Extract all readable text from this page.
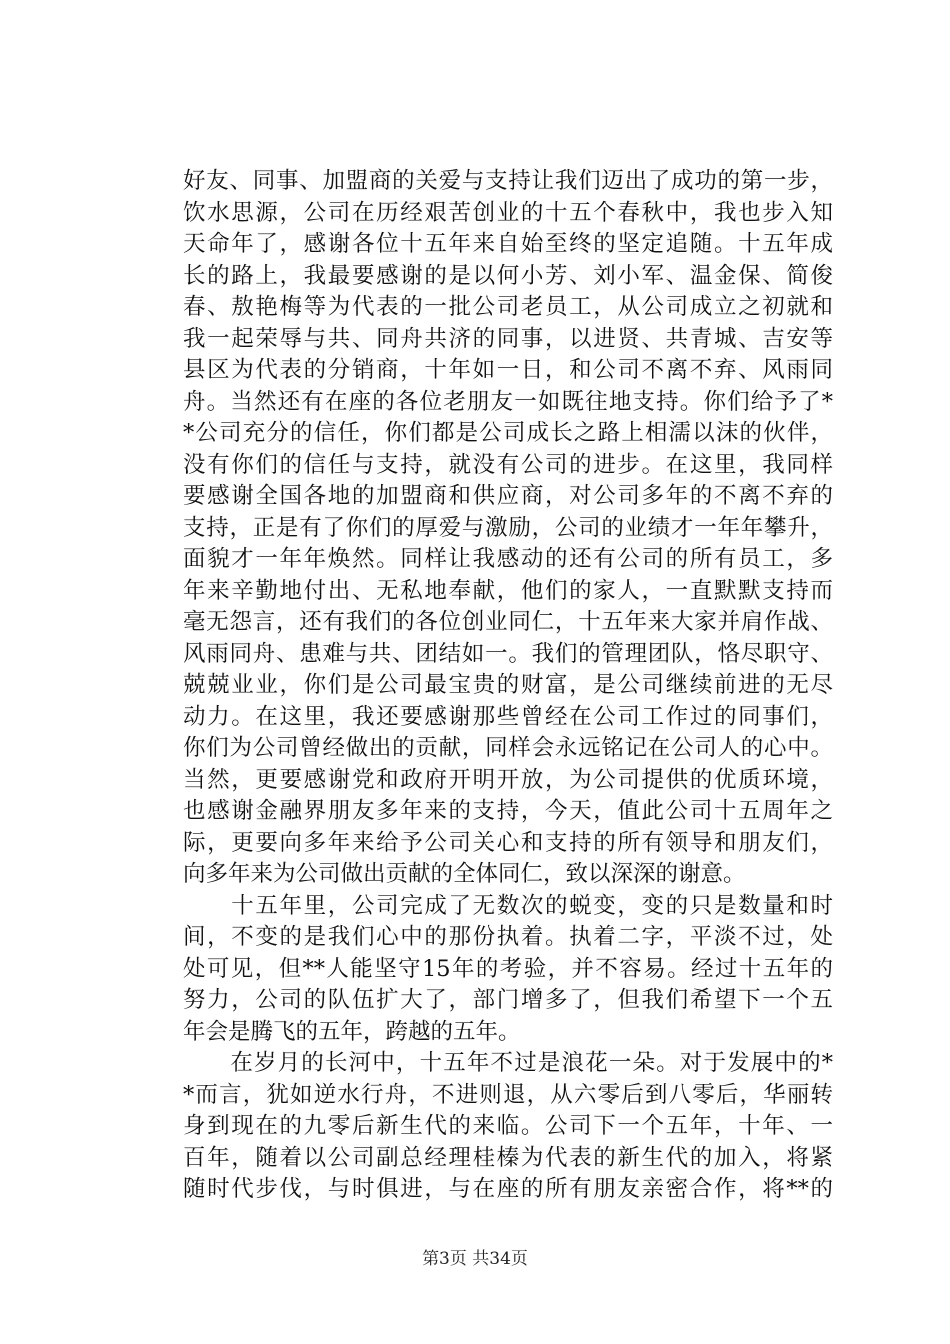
好友、同事、加盟商的关爱与支持让我们迈出了成功的第一步，
饮水思源，公司在历经艰苦创业的十五个春秋中，我也步入知
天命年了，感谢各位十五年来自始至终的坚定追随。十五年成
长的路上，我最要感谢的是以何小芳、刘小军、温金保、简俊
春、敖艳梅等为代表的一批公司老员工，从公司成立之初就和
我一起荣辱与共、同舟共济的同事，以进贤、共青城、吉安等
县区为代表的分销商，十年如一日，和公司不离不弃、风雨同
舟。当然还有在座的各位老朋友一如既往地支持。你们给予了*
*公司充分的信任，你们都是公司成长之路上相濡以沫的伙伴，
没有你们的信任与支持，就没有公司的进步。在这里，我同样
要感谢全国各地的加盟商和供应商，对公司多年的不离不弃的
支持，正是有了你们的厚爱与激励，公司的业绩才一年年攀升，
面貌才一年年焕然。同样让我感动的还有公司的所有员工，多
年来辛勤地付出、无私地奉献，他们的家人，一直默默支持而
毫无怨言，还有我们的各位创业同仁，十五年来大家并肩作战、
风雨同舟、患难与共、团结如一。我们的管理团队，恪尽职守、
兢兢业业，你们是公司最宝贵的财富，是公司继续前进的无尽
动力。在这里，我还要感谢那些曾经在公司工作过的同事们，
你们为公司曾经做出的贡献，同样会永远铭记在公司人的心中。
当然，更要感谢党和政府开明开放，为公司提供的优质环境，
也感谢金融界朋友多年来的支持，今天，值此公司十五周年之
际，更要向多年来给予公司关心和支持的所有领导和朋友们，
向多年来为公司做出贡献的全体同仁，致以深深的谢意。
　　十五年里，公司完成了无数次的蜕变，变的只是数量和时
间，不变的是我们心中的那份执着。执着二字，平淡不过，处
处可见，但**人能坚守15年的考验，并不容易。经过十五年的
努力，公司的队伍扩大了，部门增多了，但我们希望下一个五
年会是腾飞的五年，跨越的五年。
　　在岁月的长河中，十五年不过是浪花一朵。对于发展中的*
*而言，犹如逆水行舟，不进则退，从六零后到八零后，华丽转
身到现在的九零后新生代的来临。公司下一个五年，十年、一
百年，随着以公司副总经理桂榛为代表的新生代的加入，将紧
随时代步伐，与时俱进，与在座的所有朋友亲密合作，将**的
第3页 共34页
